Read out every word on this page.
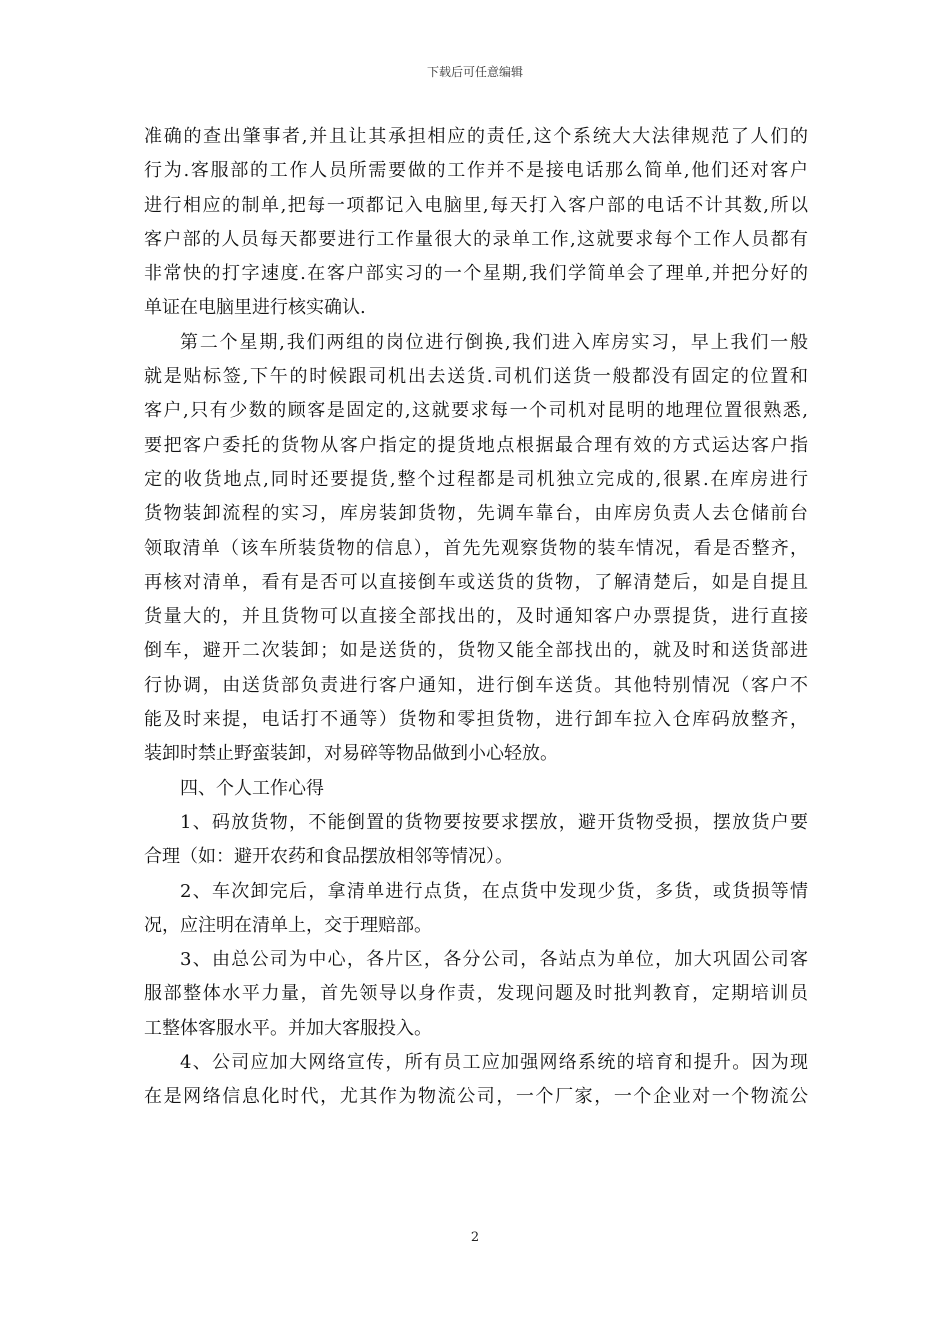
下载后可任意编辑
准确的查出肇事者,并且让其承担相应的责任,这个系统大大法律规范了人们的
行为.客服部的工作人员所需要做的工作并不是接电话那么简单,他们还对客户
进行相应的制单,把每一项都记入电脑里,每天打入客户部的电话不计其数,所以
客户部的人员每天都要进行工作量很大的录单工作,这就要求每个工作人员都有
非常快的打字速度.在客户部实习的一个星期,我们学简单会了理单,并把分好的
单证在电脑里进行核实确认.
第二个星期,我们两组的岗位进行倒换,我们进入库房实习，早上我们一般
就是贴标签,下午的时候跟司机出去送货.司机们送货一般都没有固定的位置和
客户,只有少数的顾客是固定的,这就要求每一个司机对昆明的地理位置很熟悉,
要把客户委托的货物从客户指定的提货地点根据最合理有效的方式运达客户指
定的收货地点,同时还要提货,整个过程都是司机独立完成的,很累.在库房进行
货物装卸流程的实习，库房装卸货物，先调车靠台，由库房负责人去仓储前台
领取清单（该车所装货物的信息），首先先观察货物的装车情况，看是否整齐，
再核对清单，看有是否可以直接倒车或送货的货物，了解清楚后，如是自提且
货量大的，并且货物可以直接全部找出的，及时通知客户办票提货，进行直接
倒车，避开二次装卸；如是送货的，货物又能全部找出的，就及时和送货部进
行协调，由送货部负责进行客户通知，进行倒车送货。其他特别情况（客户不
能及时来提，电话打不通等）货物和零担货物，进行卸车拉入仓库码放整齐，
装卸时禁止野蛮装卸，对易碎等物品做到小心轻放。
四、个人工作心得
1、码放货物，不能倒置的货物要按要求摆放，避开货物受损，摆放货户要
合理（如：避开农药和食品摆放相邻等情况）。
2、车次卸完后，拿清单进行点货，在点货中发现少货，多货，或货损等情
况，应注明在清单上，交于理赔部。
3、由总公司为中心，各片区，各分公司，各站点为单位，加大巩固公司客
服部整体水平力量，首先领导以身作责，发现问题及时批判教育，定期培训员
工整体客服水平。并加大客服投入。
4、公司应加大网络宣传，所有员工应加强网络系统的培育和提升。因为现
在是网络信息化时代，尤其作为物流公司，一个厂家，一个企业对一个物流公
2
